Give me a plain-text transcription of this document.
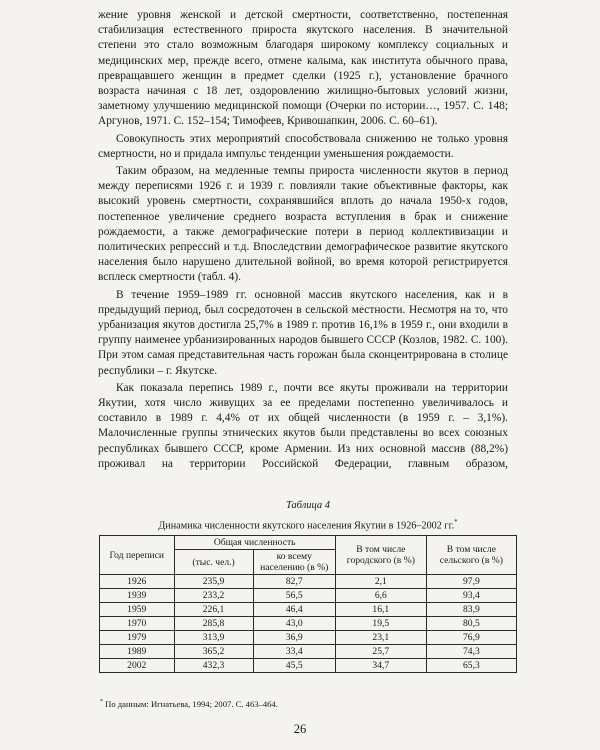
жение уровня женской и детской смертности, соответственно, постепенная стабилизация естественного прироста якутского населения. В значительной степени это стало возможным благодаря широкому комплексу социальных и медицинских мер, прежде всего, отмене калыма, как института обычного права, превращавшего женщин в предмет сделки (1925 г.), установление брачного возраста начиная с 18 лет, оздоровлению жилищно-бытовых условий жизни, заметному улучшению медицинской помощи (Очерки по истории…, 1957. С. 148; Аргунов, 1971. С. 152–154; Тимофеев, Кривошапкин, 2006. С. 60–61).

Совокупность этих мероприятий способствовала снижению не только уровня смертности, но и придала импульс тенденции уменьшения рождаемости.

Таким образом, на медленные темпы прироста численности якутов в период между переписями 1926 г. и 1939 г. повлияли такие объективные факторы, как высокий уровень смертности, сохранявшийся вплоть до начала 1950-х годов, постепенное увеличение среднего возраста вступления в брак и снижение рождаемости, а также демографические потери в период коллективизации и политических репрессий и т.д. Впоследствии демографическое развитие якутского населения было нарушено длительной войной, во время которой регистрируется всплеск смертности (табл. 4).

В течение 1959–1989 гг. основной массив якутского населения, как и в предыдущий период, был сосредоточен в сельской местности. Несмотря на то, что урбанизация якутов достигла 25,7% в 1989 г. против 16,1% в 1959 г., они входили в группу наименее урбанизированных народов бывшего СССР (Козлов, 1982. С. 100). При этом самая представительная часть горожан была сконцентрирована в столице республики – г. Якутске.

Как показала перепись 1989 г., почти все якуты проживали на территории Якутии, хотя число живущих за ее пределами постепенно увеличивалось и составило в 1989 г. 4,4% от их общей численности (в 1959 г. – 3,1%). Малочисленные группы этнических якутов были представлены во всех союзных республиках бывшего СССР, кроме Армении. Из них основной массив (88,2%) проживал на территории Российской Федерации, главным образом,

Таблица 4
Динамика численности якутского населения Якутии в 1926–2002 гг.*
Год переписи	Общая численность		В том числе городского (в %)	В том числе сельского (в %)
	(тыс. чел.)	ко всему населению (в %)		
1926	235,9	82,7	2,1	97,9
1939	233,2	56,5	6,6	93,4
1959	226,1	46,4	16,1	83,9
1970	285,8	43,0	19,5	80,5
1979	313,9	36,9	23,1	76,9
1989	365,2	33,4	25,7	74,3
2002	432,3	45,5	34,7	65,3
* По данным: Игнатьева, 1994; 2007. С. 463–464.
26
